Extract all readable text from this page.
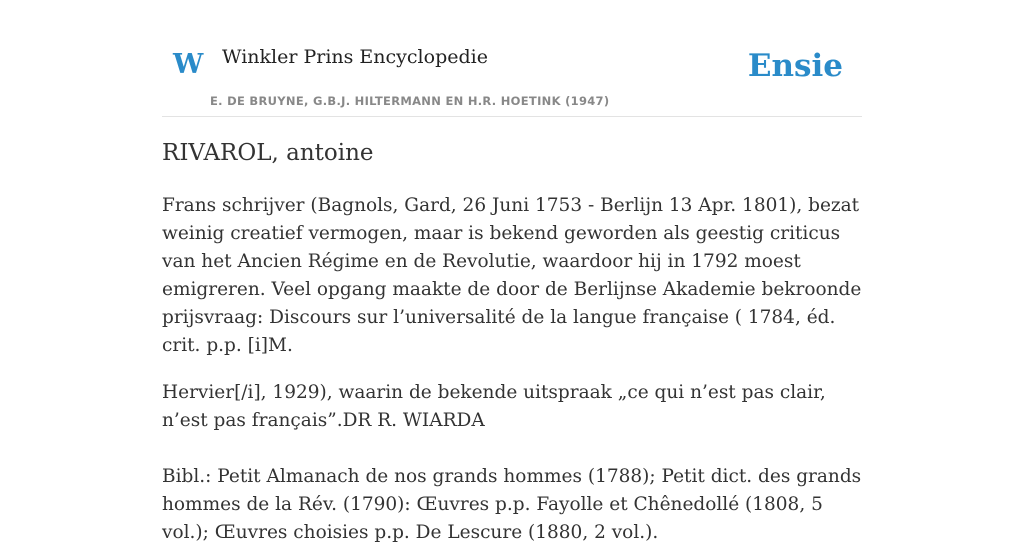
W Winkler Prins Encyclopedie
E. DE BRUYNE, G.B.J. HILTERMANN EN H.R. HOETINK (1947)
Ensie
RIVAROL, antoine

Frans schrijver (Bagnols, Gard, 26 Juni 1753 - Berlijn 13 Apr. 1801), bezat weinig creatief vermogen, maar is bekend geworden als geestig criticus van het Ancien Régime en de Revolutie, waardoor hij in 1792 moest emigreren. Veel opgang maakte de door de Berlijnse Akademie bekroonde prijsvraag: Discours sur l’universalité de la langue française ( 1784, éd. crit. p.p. [i]M.

Hervier[/i], 1929), waarin de bekende uitspraak „ce qui n’est pas clair, n’est pas français”.DR R. WIARDA

Bibl.: Petit Almanach de nos grands hommes (1788); Petit dict. des grands hommes de la Rév. (1790): Œuvres p.p. Fayolle et Chênedollé (1808, 5 vol.); Œuvres choisies p.p. De Lescure (1880, 2 vol.).
